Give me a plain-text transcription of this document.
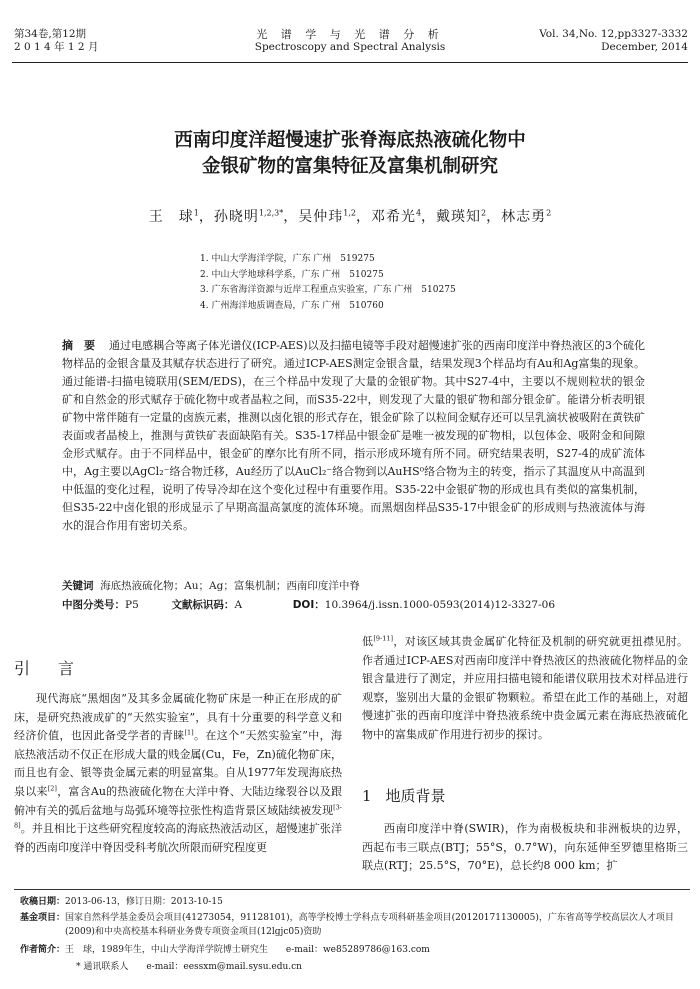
第34卷,第12期
2 0 1 4 年 1 2 月
光 谱 学 与 光 谱 分 析
Spectroscopy and Spectral Analysis
Vol. 34,No. 12,pp3327-3332
December, 2014
西南印度洋超慢速扩张脊海底热液硫化物中
金银矿物的富集特征及富集机制研究
王　球$^1$，孙晓明$^{1,2,3*}$，吴仲玮$^{1,2}$，邓希光$^4$，戴瑛知$^2$，林志勇$^2$
1. 中山大学海洋学院，广东 广州　519275
2. 中山大学地球科学系，广东 广州　510275
3. 广东省海洋资源与近岸工程重点实验室，广东 广州　510275
4. 广州海洋地质调查局，广东 广州　510760
摘　要 通过电感耦合等离子体光谱仪(ICP-AES)以及扫描电镜等手段对超慢速扩张的西南印度洋中脊热液区的3个硫化物样品的金银含量及其赋存状态进行了研究。通过ICP-AES测定金银含量，结果发现3个样品均有Au和Ag富集的现象。通过能谱-扫描电镜联用(SEM/EDS)，在三个样品中发现了大量的金银矿物。其中S27-4中，主要以不规则粒状的银金矿和自然金的形式赋存于硫化物中或者晶粒之间，而S35-22中，则发现了大量的银矿物和部分银金矿。能谱分析表明银矿物中常伴随有一定量的卤族元素，推测以卤化银的形式存在，银金矿除了以粒间金赋存还可以呈乳滴状被吸附在黄铁矿表面或者晶棱上，推测与黄铁矿表面缺陷有关。S35-17样品中银金矿是唯一被发现的矿物相，以包体金、吸附金和间隙金形式赋存。由于不同样品中，银金矿的摩尔比有所不同，指示形成环境有所不同。研究结果表明，S27-4的成矿流体中，Ag主要以AgCl₂⁻络合物迁移，Au经历了以AuCl₂⁻络合物到以AuHS⁰络合物为主的转变，指示了其温度从中高温到中低温的变化过程，说明了传导冷却在这个变化过程中有重要作用。S35-22中金银矿物的形成也具有类似的富集机制，但S35-22中卤化银的形成显示了早期高温高氯度的流体环境。而黑烟囱样品S35-17中银金矿的形成则与热液流体与海水的混合作用有密切关系。
关键词 海底热液硫化物；Au；Ag；富集机制；西南印度洋中脊
中图分类号：P5	文献标识码：A	DOI：10.3964/j.issn.1000-0593(2014)12-3327-06
引　言
现代海底“黑烟囱”及其多金属硫化物矿床是一种正在形成的矿床，是研究热液成矿的“天然实验室”，具有十分重要的科学意义和经济价值，也因此备受学者的青睐[1]。在这个“天然实验室”中，海底热液活动不仅正在形成大量的贱金属(Cu，Fe，Zn)硫化物矿床，而且也有金、银等贵金属元素的明显富集。自从1977年发现海底热泉以来[2]，富含Au的热液硫化物在大洋中脊、大陆边缘裂谷以及跟俯冲有关的弧后盆地与岛弧环境等拉张性构造背景区域陆续被发现[3-8]。并且相比于这些研究程度较高的海底热液活动区，超慢速扩张洋脊的西南印度洋中脊因受科考航次所限而研究程度更
低[9-11]，对该区域其贵金属矿化特征及机制的研究就更扭襟见肘。作者通过ICP-AES对西南印度洋中脊热液区的热液硫化物样品的金银含量进行了测定，并应用扫描电镜和能谱仪联用技术对样品进行观察，鉴别出大量的金银矿物颗粒。希望在此工作的基础上，对超慢速扩张的西南印度洋中脊热液系统中贵金属元素在海底热液硫化物中的富集成矿作用进行初步的探讨。
1 地质背景
西南印度洋中脊(SWIR)，作为南极板块和非洲板块的边界，西起布韦三联点(BTJ；55°S，0.7°W)，向东延伸至罗德里格斯三联点(RTJ；25.5°S，70°E)，总长约8 000 km；扩
收稿日期：2013-06-13，修订日期：2013-10-15
基金项目： 国家自然科学基金委员会项目(41273054，91128101)，高等学校博士学科点专项科研基金项目(20120171130005)，广东省高等学校高层次人才项目(2009)和中央高校基本科研业务费专项资金项目(12lgjc05)资助
作者简介：王　球，1989年生，中山大学海洋学院博士研究生　　e-mail：we85289786@163.com
* 通讯联系人　　e-mail：eessxm@mail.sysu.edu.cn
